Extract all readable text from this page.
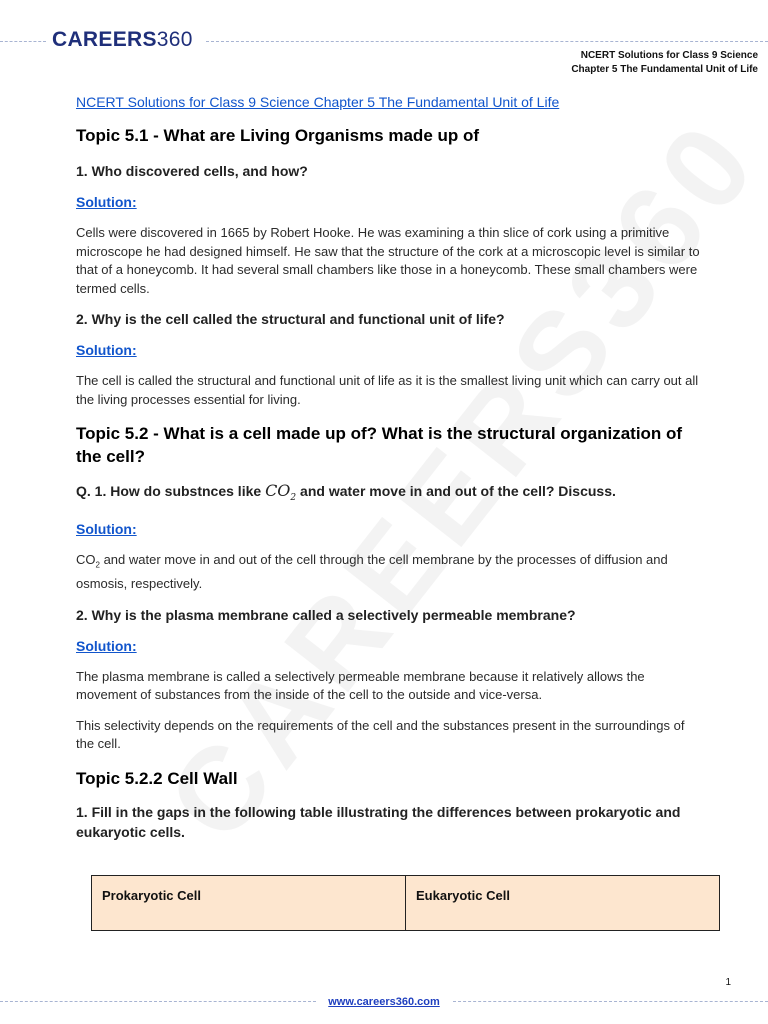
CAREERS360
NCERT Solutions for Class 9 Science
Chapter 5 The Fundamental Unit of Life
NCERT Solutions for Class 9 Science Chapter 5 The Fundamental Unit of Life
Topic 5.1 - What are Living Organisms made up of
1. Who discovered cells, and how?
Solution:

Cells were discovered in 1665 by Robert Hooke. He was examining a thin slice of cork using a primitive microscope he had designed himself. He saw that the structure of the cork at a microscopic level is similar to that of a honeycomb. It had several small chambers like those in a honeycomb. These small chambers were termed cells.

2. Why is the cell called the structural and functional unit of life?
Solution:

The cell is called the structural and functional unit of life as it is the smallest living unit which can carry out all the living processes essential for living.

Topic 5.2 - What is a cell made up of? What is the structural organization of the cell?
Q. 1. How do substnces like $CO_2$ and water move in and out of the cell? Discuss.
Solution:

$CO_2$ and water move in and out of the cell through the cell membrane by the processes of diffusion and osmosis, respectively.

2. Why is the plasma membrane called a selectively permeable membrane?
Solution:

The plasma membrane is called a selectively permeable membrane because it relatively allows the movement of substances from the inside of the cell to the outside and vice-versa.

This selectivity depends on the requirements of the cell and the substances present in the surroundings of the cell.

Topic 5.2.2 Cell Wall
1. Fill in the gaps in the following table illustrating the differences between prokaryotic and eukaryotic cells.
Prokaryotic Cell	Eukaryotic Cell
1
www.careers360.com
